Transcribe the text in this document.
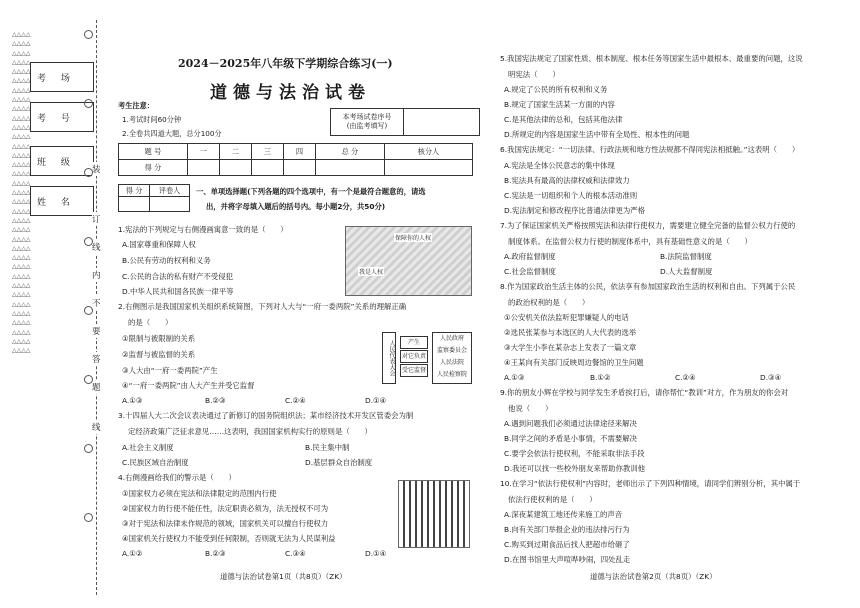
△△△△△△△△△△△△△△△△△△△△△△△△△△△△△△△△△△△△△△△△△△△△△△△△△△△△△△△△△△△△△△△△△△△△△△△△△△△△△△△△△△△△△△△△△△△△△△△△△△△△△△△△△△△△△△△△△△△△△△△△△△△△△△△△△△△△△△△△△△△△
考 场
考 号
班 级
姓 名
装
订
线
内
不
要
答
题
线
2024－2025年八年级下学期综合练习(一)
道德与法治试卷
考生注意：
1.考试时间60分钟
2.全卷共四道大题，总分100分
本考场试卷序号
(由监考填写)	
题 号	一	二	三	四	总 分	核分人
得 分						
得 分	评卷人
	一、单项选择题(下列各题的四个选项中，有一个是最符合题意的，请选
出，并将字母填入题后的括号内。每小题2分，共50分)
1.宪法的下列规定与右侧漫画寓意一致的是（　　）
A.国家尊重和保障人权
B.公民有劳动的权利和义务
C.公民的合法的私有财产不受侵犯
D.中华人民共和国各民族一律平等
保障你的人权
我是人权
2.右侧图示是我国国家机关组织系统简图，下列对人大与“一府一委两院”关系的理解正确
的是（　　）
①限制与被限制的关系
②监督与被监督的关系
③人大由“一府一委两院”产生
④“一府一委两院”由人大产生并受它监督
A.①③	B.②③	C.②④	D.①④
人民代表大会	产生
对它负责
受它监督
人民政府
监察委员会
人民法院
人民检察院
3.十四届人大二次会议表决通过了新修订的国务院组织法；某市经济技术开发区管委会为制
定经济政策广泛征求意见……这表明，我国国家机构实行的原则是（　　）
A.社会主义制度	B.民主集中制
C.民族区域自治制度	D.基层群众自治制度
4.右侧漫画给我们的警示是（　　）
①国家权力必须在宪法和法律限定的范围内行使
②国家权力的行使不能任性，法定职责必须为，法无授权不可为
③对于宪法和法律未作规范的领域，国家机关可以擅自行使权力
④国家机关行使权力不能受到任何限制，否则就无法为人民谋利益
A.①②	B.②③	C.③④	D.①④
道德与法治试卷第1页（共8页）（ZK）
5.我国宪法规定了国家性质、根本制度、根本任务等国家生活中最根本、最重要的问题，这说
明宪法（　　）
A.规定了公民的所有权利和义务
B.规定了国家生活某一方面的内容
C.是其他法律的总和，包括其他法律
D.所规定的内容是国家生活中带有全局性、根本性的问题
6.我国宪法规定：“一切法律、行政法规和地方性法规都不得同宪法相抵触。”这表明（　　）
A.宪法是全体公民意志的集中体现
B.宪法具有最高的法律权威和法律效力
C.宪法是一切组织和个人的根本活动准则
D.宪法制定和修改程序比普通法律更为严格
7.为了保证国家机关严格按照宪法和法律行使权力，需要建立健全完备的监督公权力行使的
制度体系。在监督公权力行使的制度体系中，具有基础性意义的是（　　）
A.政府监督制度	B.法院监督制度
C.社会监督制度	D.人大监督制度
8.作为国家政治生活主体的公民，依法享有参加国家政治生活的权利和自由。下列属于公民
的政治权利的是（　　）
①公安机关依法监听犯罪嫌疑人的电话
②选民张某参与本选区的人大代表的选举
③大学生小李在某杂志上发表了一篇文章
④王某向有关部门反映周边餐馆的卫生问题
A.①③	B.①②	C.②④	D.③④
9.你的朋友小辉在学校与同学发生矛盾挨打后，请你帮忙“教训”对方，作为朋友的你会对
他说（　　）
A.遇到问题我们必须通过法律途径来解决
B.同学之间的矛盾是小事情，不需要解决
C.要学会依法行使权利，不能采取非法手段
D.我还可以找一些校外朋友来帮助你教训他
10.在学习“依法行使权利”内容时，老师出示了下列四种情境，请同学们辨别分析，其中属于
依法行使权利的是（　　）
A.深夜某建筑工地还传来施工的声音
B.向有关部门举报企业的违法排污行为
C.购买到过期食品后找人把超市给砸了
D.在图书馆里大声喧哗吵闹，四处乱走
道德与法治试卷第2页（共8页）（ZK）
